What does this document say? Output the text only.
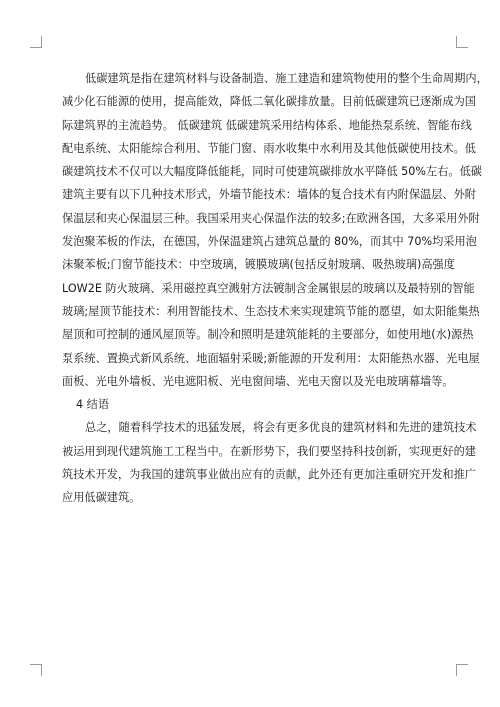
低碳建筑是指在建筑材料与设备制造、施工建造和建筑物使用的整个生命周期内，
减少化石能源的使用，提高能效，降低二氧化碳排放量。目前低碳建筑已逐渐成为国
际建筑界的主流趋势。 低碳建筑 低碳建筑采用结构体系、地能热泵系统、智能布线
配电系统、太阳能综合利用、节能门窗、雨水收集中水利用及其他低碳使用技术。低
碳建筑技术不仅可以大幅度降低能耗，同时可使建筑碳排放水平降低 50%左右。低碳
建筑主要有以下几种技术形式，外墙节能技术：墙体的复合技术有内附保温层、外附
保温层和夹心保温层三种。我国采用夹心保温作法的较多;在欧洲各国，大多采用外附
发泡聚苯板的作法，在德国，外保温建筑占建筑总量的 80%，而其中 70%均采用泡
沫聚苯板;门窗节能技术：中空玻璃，镀膜玻璃(包括反射玻璃、吸热玻璃)高强度
LOW2E 防火玻璃、采用磁控真空溅射方法镀制含金属银层的玻璃以及最特别的智能
玻璃;屋顶节能技术：利用智能技术、生态技术来实现建筑节能的愿望，如太阳能集热
屋顶和可控制的通风屋顶等。制冷和照明是建筑能耗的主要部分，如使用地(水)源热
泵系统、置换式新风系统、地面辐射采暖;新能源的开发利用：太阳能热水器、光电屋
面板、光电外墙板、光电遮阳板、光电窗间墙、光电天窗以及光电玻璃幕墙等。
4 结语
总之，随着科学技术的迅猛发展，将会有更多优良的建筑材料和先进的建筑技术
被运用到现代建筑施工工程当中。在新形势下，我们要坚持科技创新，实现更好的建
筑技术开发，为我国的建筑事业做出应有的贡献，此外还有更加注重研究开发和推广
应用低碳建筑。
